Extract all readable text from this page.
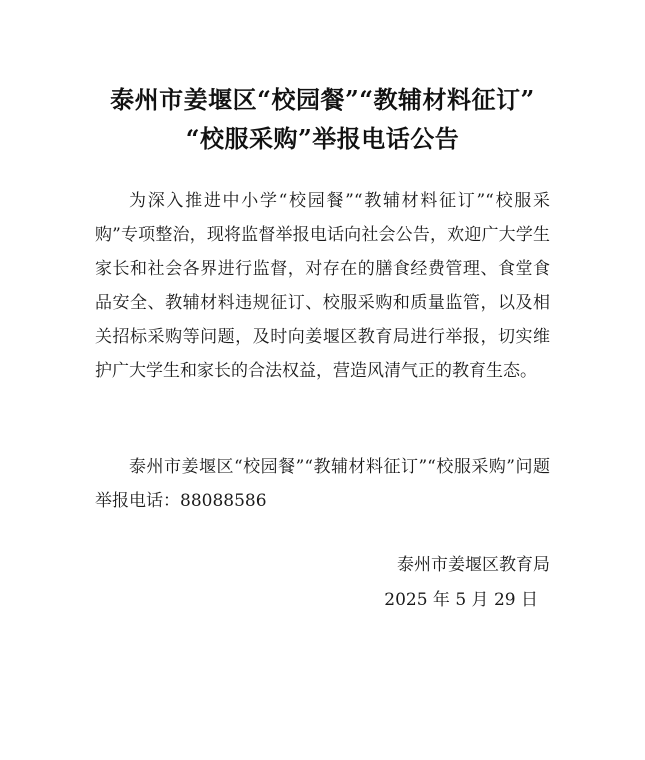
泰州市姜堰区“校园餐”“教辅材料征订”
“校服采购”举报电话公告
为深入推进中小学“校园餐”“教辅材料征订”“校服采购”专项整治，现将监督举报电话向社会公告，欢迎广大学生家长和社会各界进行监督，对存在的膳食经费管理、食堂食品安全、教辅材料违规征订、校服采购和质量监管，以及相关招标采购等问题，及时向姜堰区教育局进行举报，切实维护广大学生和家长的合法权益，营造风清气正的教育生态。
泰州市姜堰区“校园餐”“教辅材料征订”“校服采购”问题举报电话：88088586
泰州市姜堰区教育局
2025 年 5 月 29 日
